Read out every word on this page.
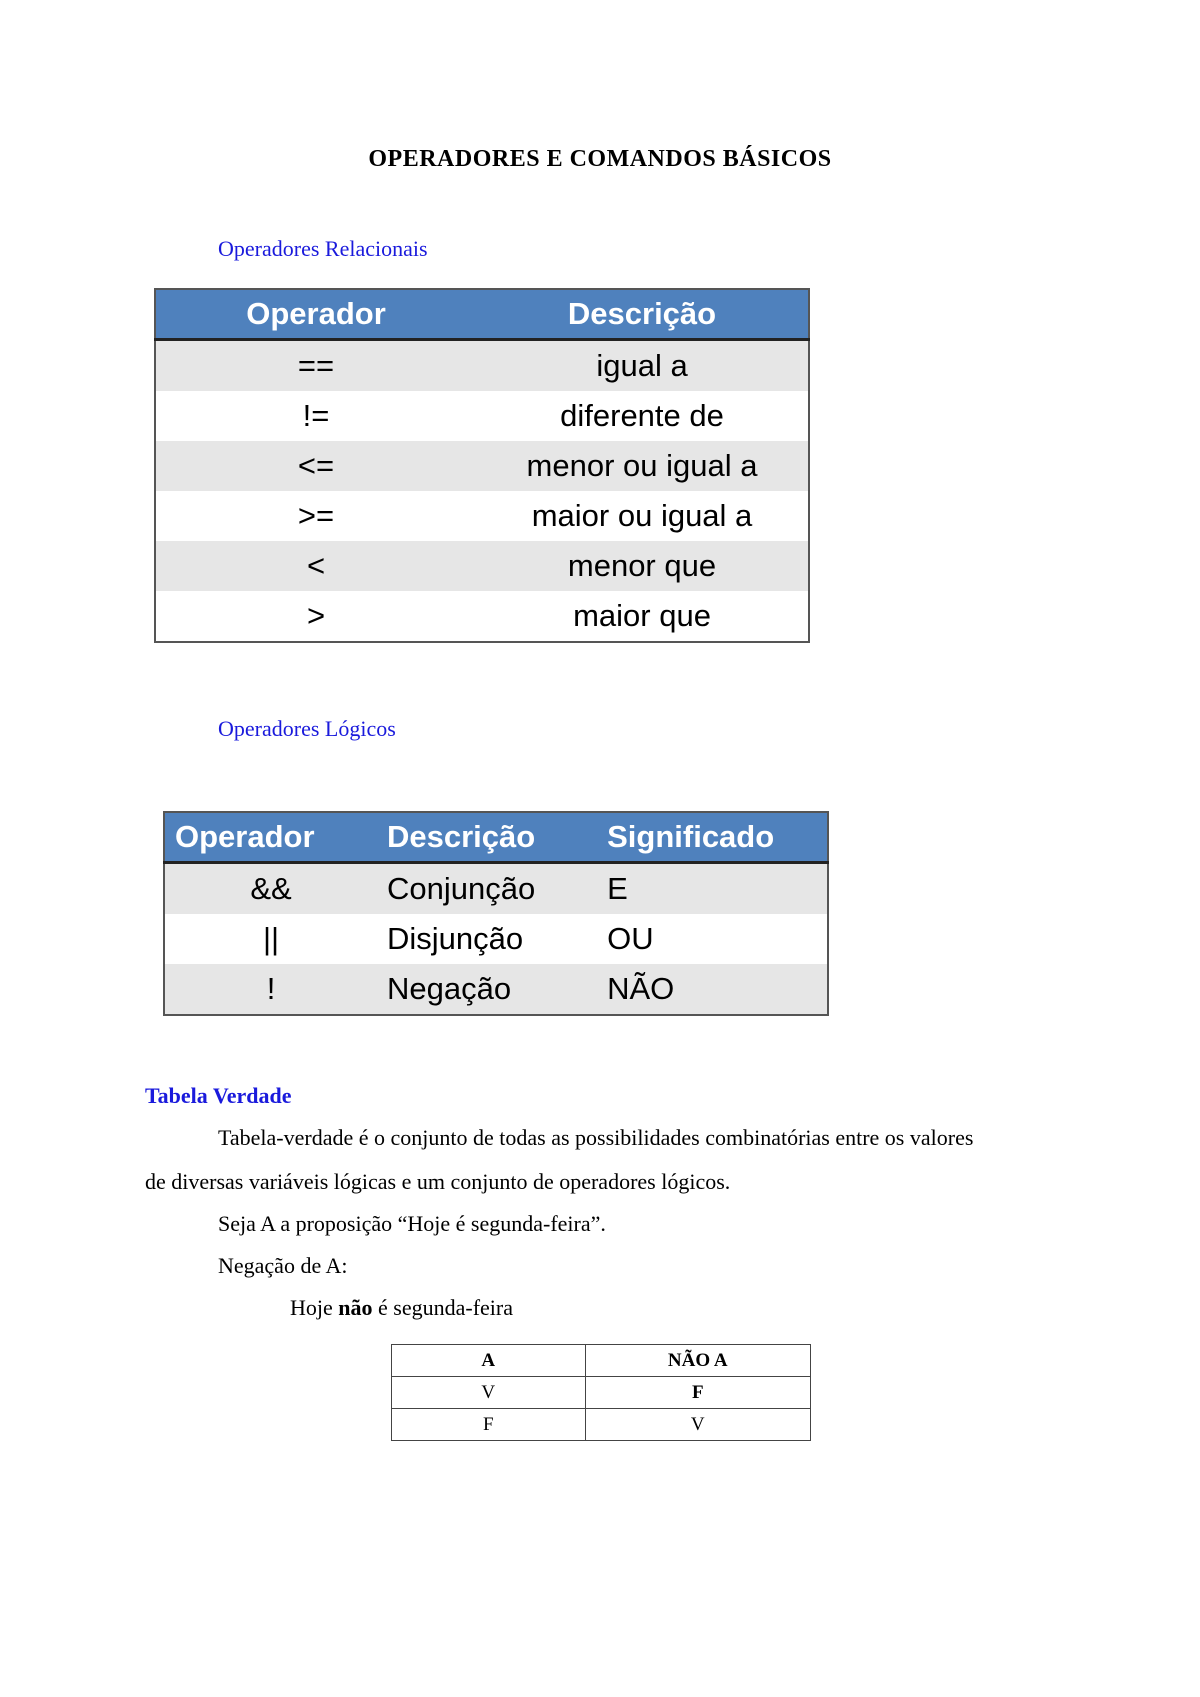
OPERADORES E COMANDOS BÁSICOS
Operadores Relacionais
Operador	Descrição
==	igual a
!=	diferente de
<=	menor ou igual a
>=	maior ou igual a
<	menor que
>	maior que
Operadores Lógicos
Operador	Descrição	Significado
&&	Conjunção	E
||	Disjunção	OU
!	Negação	NÃO
Tabela Verdade
Tabela-verdade é o conjunto de todas as possibilidades combinatórias entre os valores
de diversas variáveis lógicas e um conjunto de operadores lógicos.
Seja A a proposição “Hoje é segunda-feira”.
Negação de A:
Hoje não é segunda-feira
A	NÃO A
V	F
F	V
